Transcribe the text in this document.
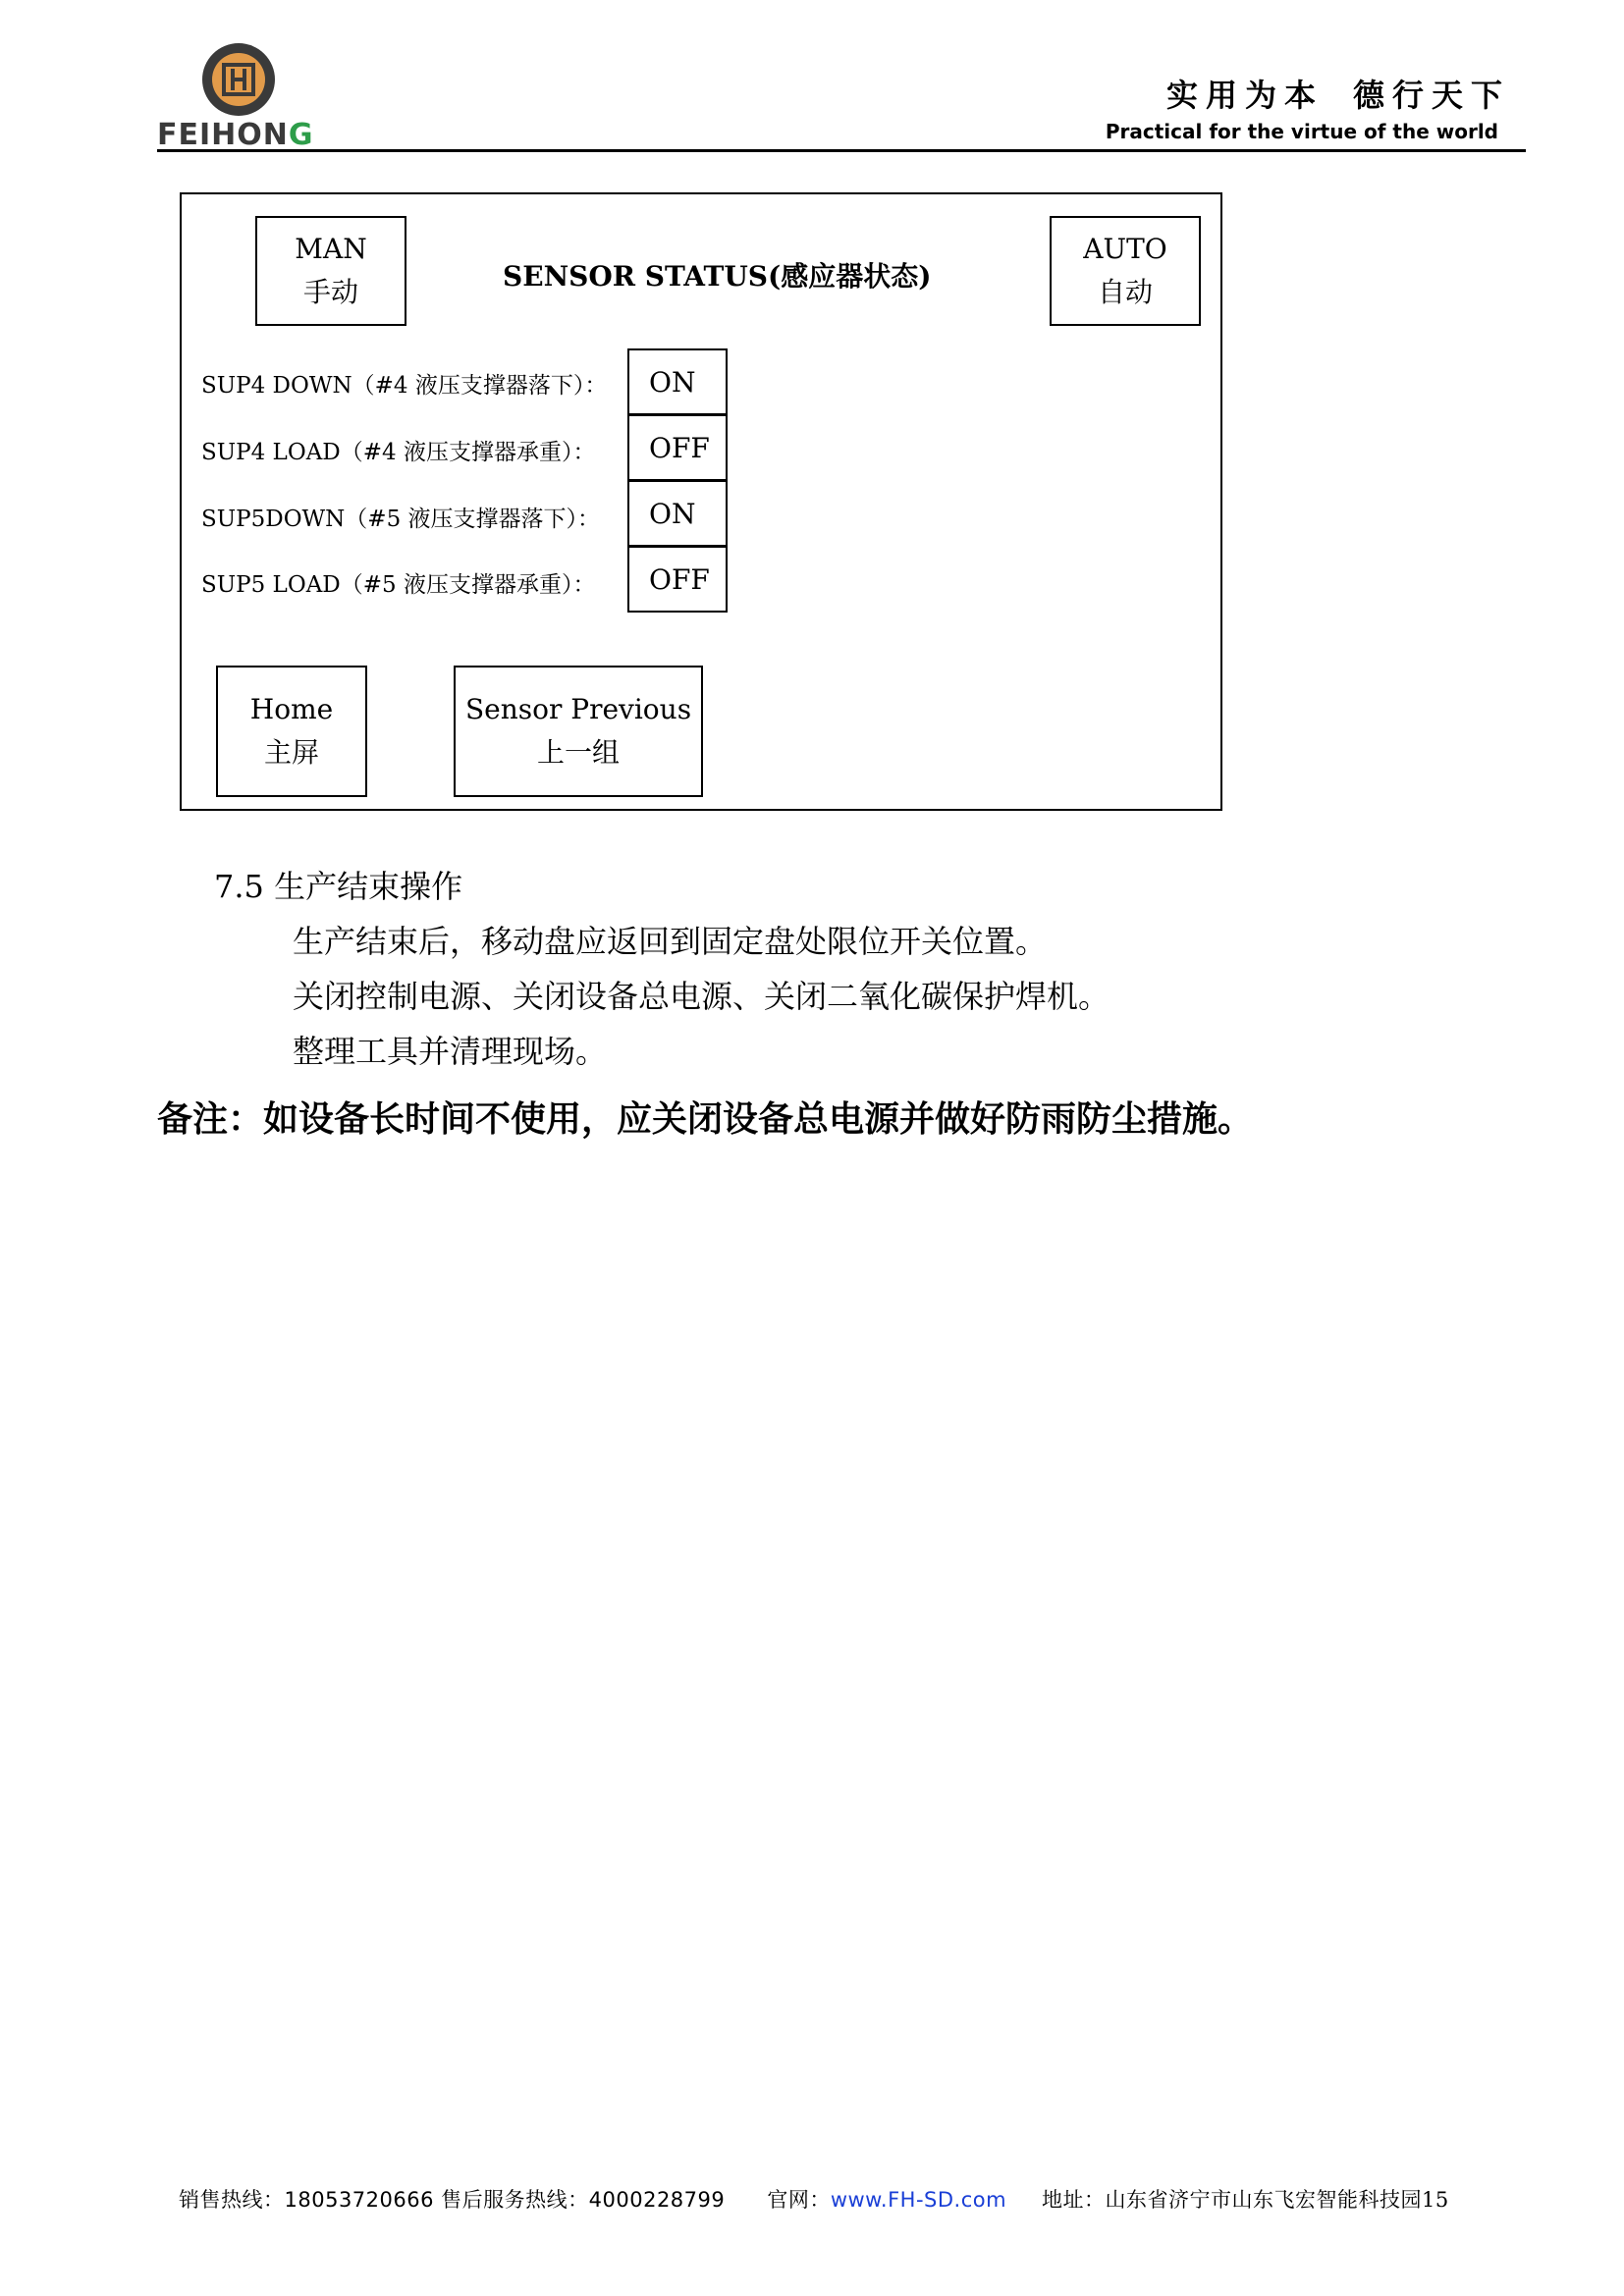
FEIHONG
实用为本 德行天下
Practical for the virtue of the world
MAN
手动	SENSOR STATUS(感应器状态)
AUTO
自动
SUP4 DOWN（#4 液压支撑器落下）：	ON
SUP4 LOAD（#4 液压支撑器承重）：	OFF
SUP5DOWN（#5 液压支撑器落下）：	ON
SUP5 LOAD（#5 液压支撑器承重）：	OFF
Home
主屏
Sensor Previous
上一组
7.5 生产结束操作
生产结束后，移动盘应返回到固定盘处限位开关位置。
关闭控制电源、关闭设备总电源、关闭二氧化碳保护焊机。
整理工具并清理现场。
备注：如设备长时间不使用，应关闭设备总电源并做好防雨防尘措施。
销售热线：18053720666 售后服务热线：4000228799 官网：www.FH-SD.com 地址：山东省济宁市山东飞宏智能科技园15
